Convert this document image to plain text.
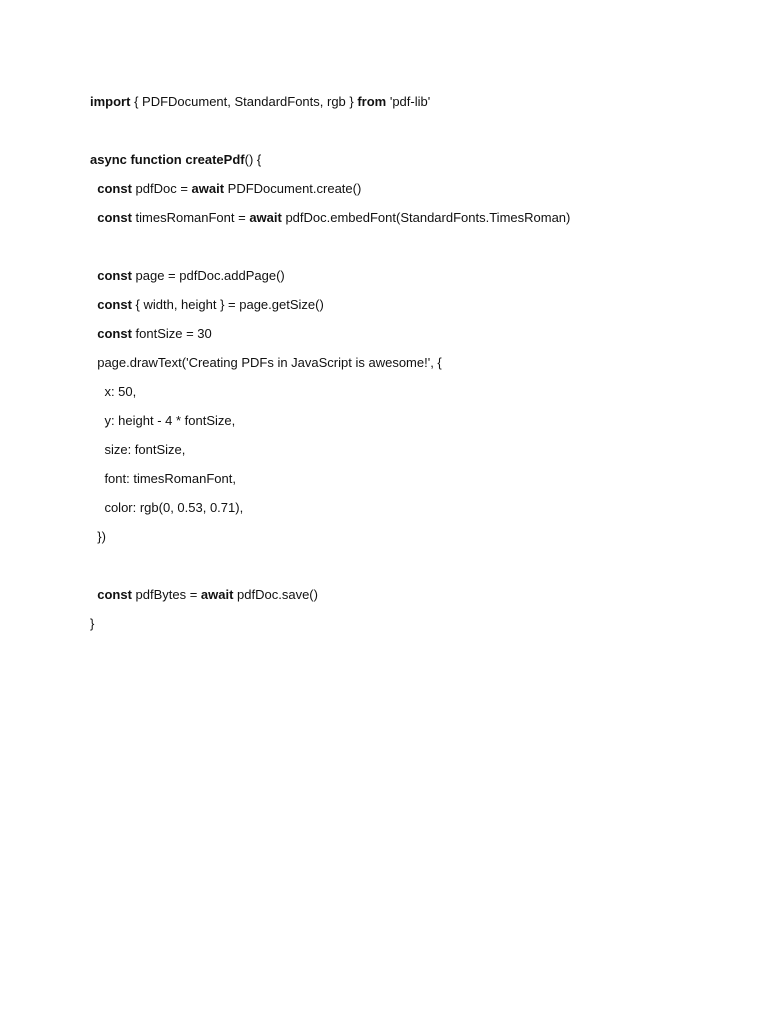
import { PDFDocument, StandardFonts, rgb } from 'pdf-lib'
async function createPdf() {
const pdfDoc = await PDFDocument.create()
const timesRomanFont = await pdfDoc.embedFont(StandardFonts.TimesRoman)
const page = pdfDoc.addPage()
const { width, height } = page.getSize()
const fontSize = 30
page.drawText('Creating PDFs in JavaScript is awesome!', {
x: 50,
y: height - 4 * fontSize,
size: fontSize,
font: timesRomanFont,
color: rgb(0, 0.53, 0.71),
})
const pdfBytes = await pdfDoc.save()
}
